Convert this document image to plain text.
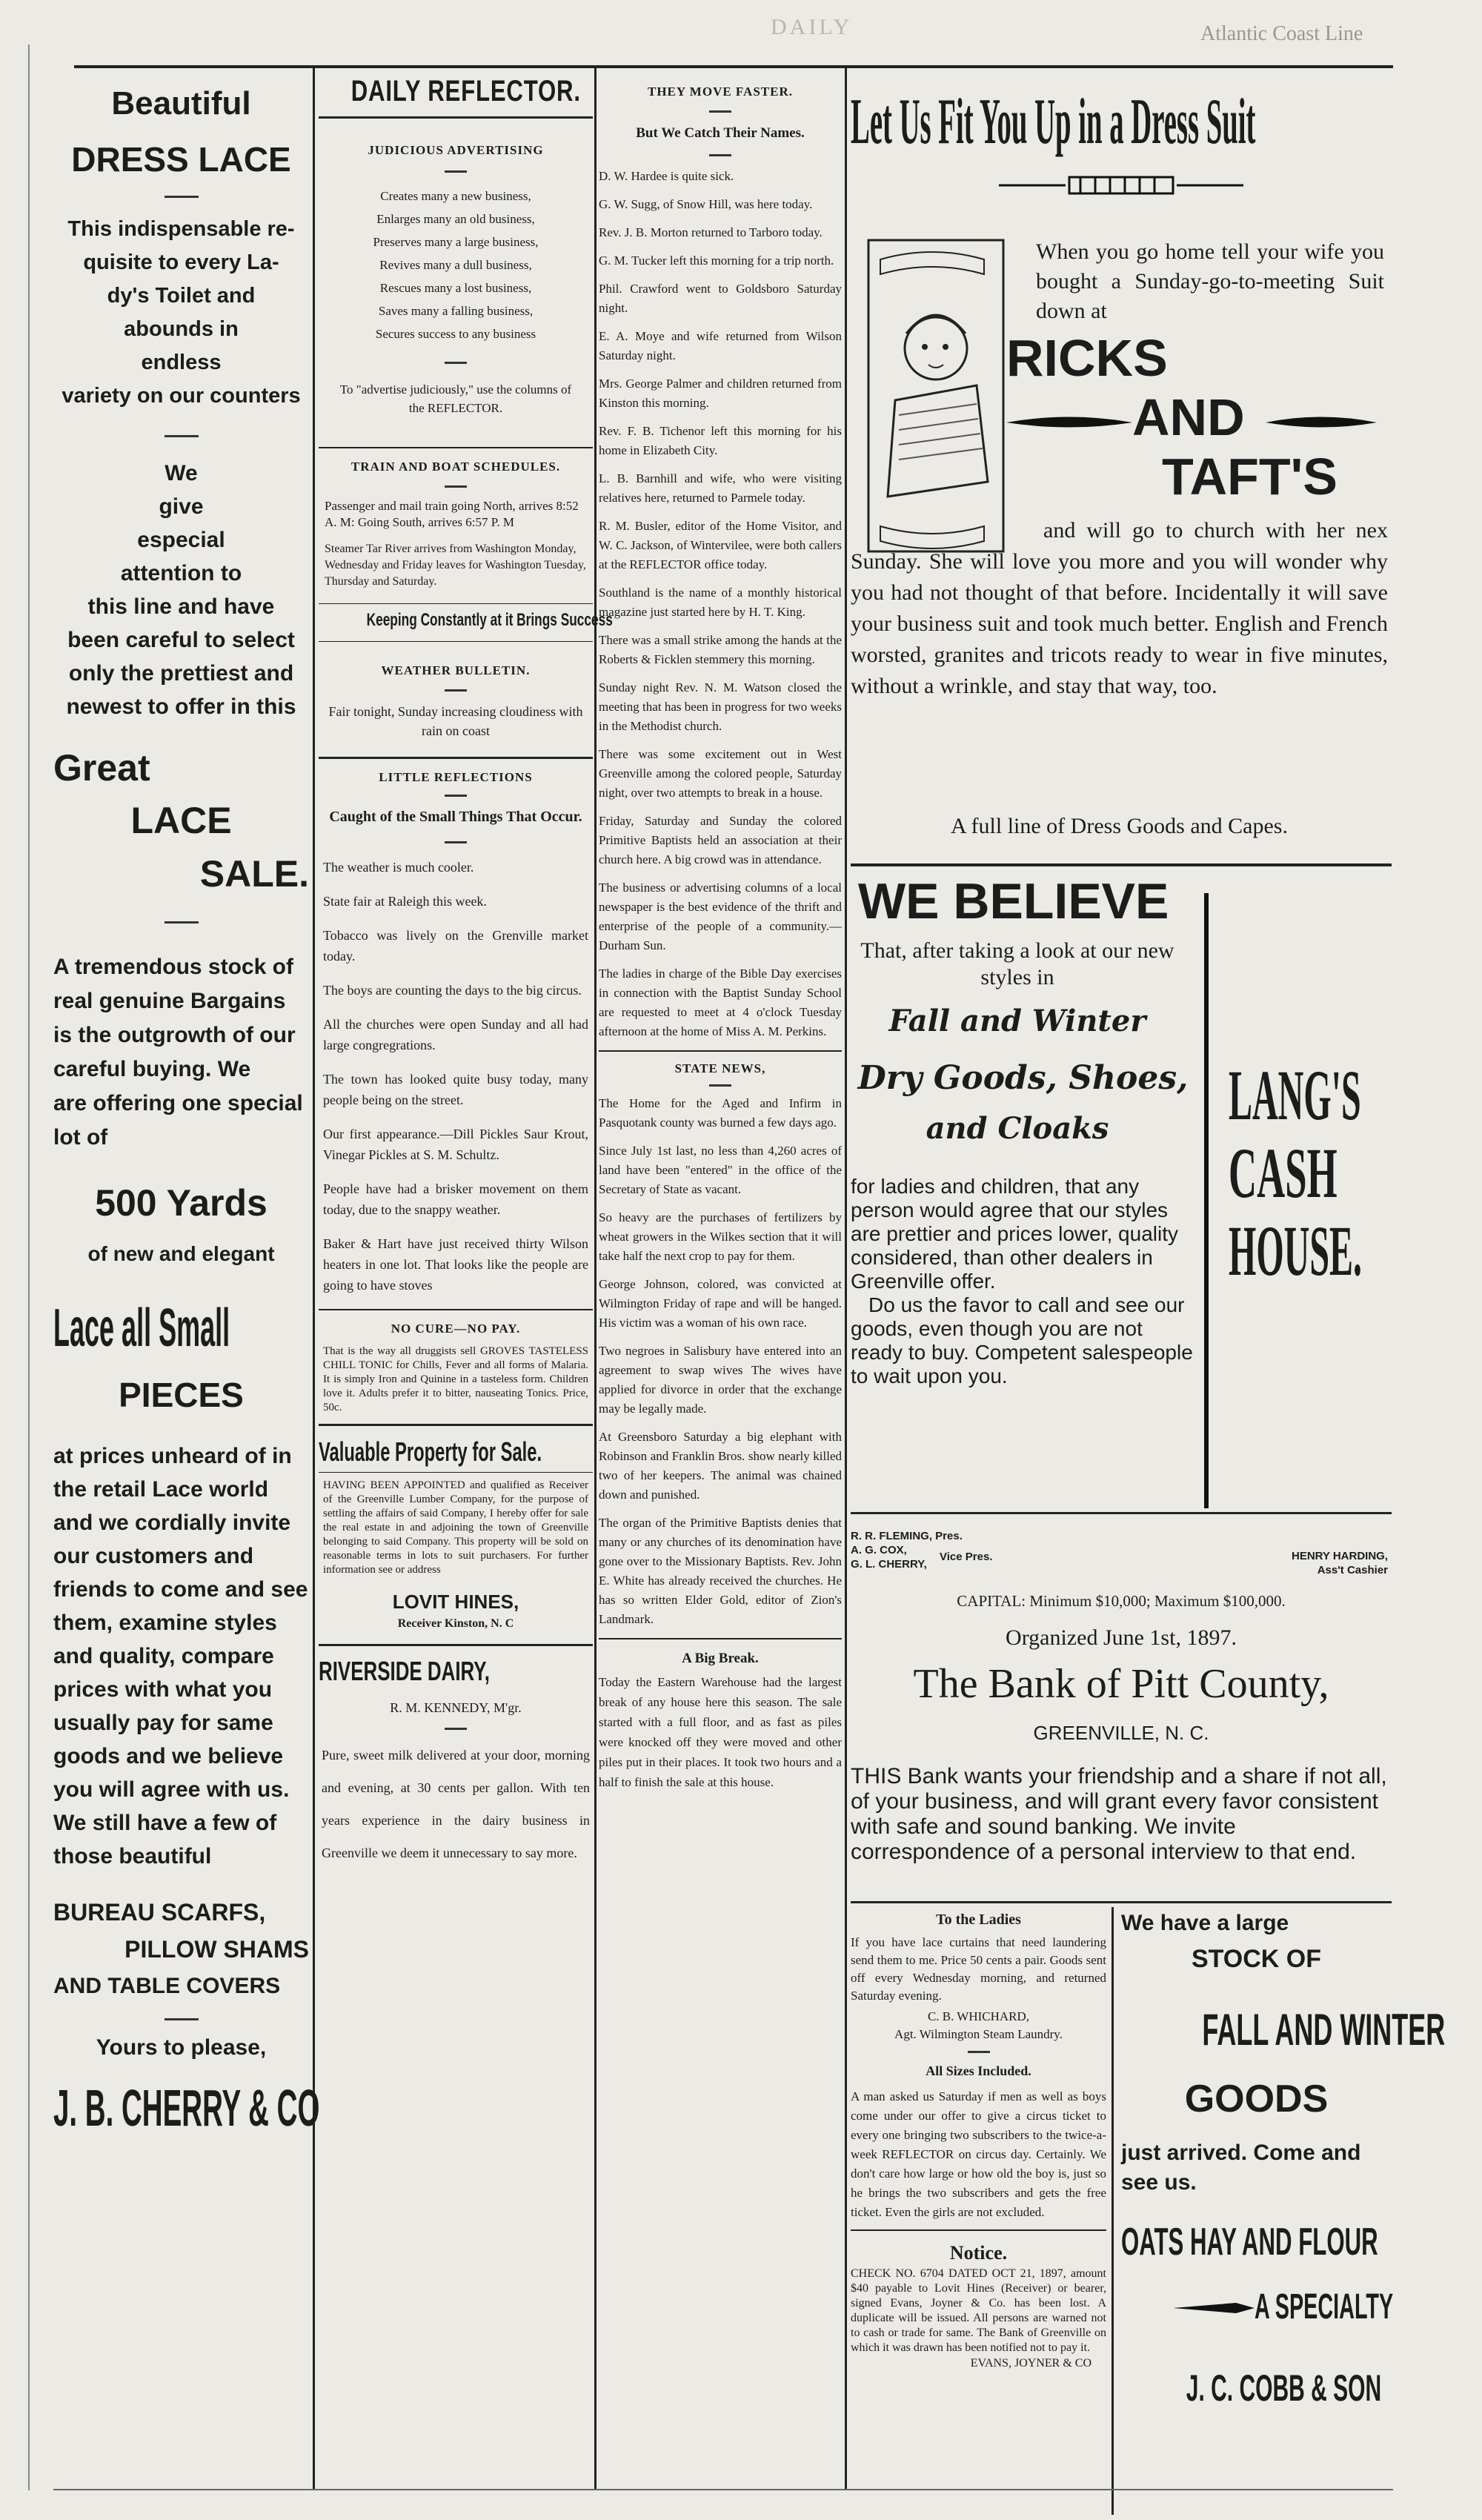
DAILY	Atlantic Coast Line
Beautiful
DRESS LACE

This indispensable re-

quisite to every La-

dy's Toilet and

abounds in

endless

variety on our counters

We

give

especial

attention to

this line and have

been careful to select

only the prettiest and

newest to offer in this

Great
LACE
SALE.

A tremendous stock of

real genuine Bargains

is the outgrowth of our

careful buying. We

are offering one special

lot of

500 Yards
of new and elegant
Lace all Small
PIECES

at prices unheard of in

the retail Lace world

and we cordially invite

our customers and

friends to come and see

them, examine styles

and quality, compare

prices with what you

usually pay for same

goods and we believe

you will agree with us.

We still have a few of

those beautiful

BUREAU SCARFS,
PILLOW SHAMS
AND TABLE COVERS
Yours to please,
J. B. CHERRY & CO
DAILY REFLECTOR.
JUDICIOUS ADVERTISING

Creates many a new business,

Enlarges many an old business,

Preserves many a large business,

Revives many a dull business,

Rescues many a lost business,

Saves many a falling business,

Secures success to any business

To "advertise judiciously," use the columns of the REFLECTOR.
TRAIN AND BOAT SCHEDULES.
Passenger and mail train going North, arrives 8:52 A. M: Going South, arrives 6:57 P. M
Steamer Tar River arrives from Washington Monday, Wednesday and Friday leaves for Washington Tuesday, Thursday and Saturday.
Keeping Constantly at it Brings Success
WEATHER BULLETIN.
Fair tonight, Sunday increasing cloudiness with rain on coast
LITTLE REFLECTIONS
Caught of the Small Things That Occur.

The weather is much cooler.

State fair at Raleigh this week.

Tobacco was lively on the Grenville market today.

The boys are counting the days to the big circus.

All the churches were open Sunday and all had large congregrations.

The town has looked quite busy today, many people being on the street.

Our first appearance.—Dill Pickles Saur Krout, Vinegar Pickles at S. M. Schultz.

People have had a brisker movement on them today, due to the snappy weather.

Baker & Hart have just received thirty Wilson heaters in one lot. That looks like the people are going to have stoves

NO CURE—NO PAY.
That is the way all druggists sell GROVES TASTELESS CHILL TONIC for Chills, Fever and all forms of Malaria. It is simply Iron and Quinine in a tasteless form. Children love it. Adults prefer it to bitter, nauseating Tonics. Price, 50c.
Valuable Property for Sale.
HAVING BEEN APPOINTED and qualified as Receiver of the Greenville Lumber Company, for the purpose of settling the affairs of said Company, I hereby offer for sale the real estate in and adjoining the town of Greenville belonging to said Company. This property will be sold on reasonable terms in lots to suit purchasers. For further information see or address
LOVIT HINES,
Receiver Kinston, N. C
RIVERSIDE DAIRY,
R. M. KENNEDY, M'gr.
Pure, sweet milk delivered at your door, morning and evening, at 30 cents per gallon. With ten years experience in the dairy business in Greenville we deem it unnecessary to say more.
THEY MOVE FASTER.
But We Catch Their Names.

D. W. Hardee is quite sick.

G. W. Sugg, of Snow Hill, was here today.

Rev. J. B. Morton returned to Tarboro today.

G. M. Tucker left this morning for a trip north.

Phil. Crawford went to Goldsboro Saturday night.

E. A. Moye and wife returned from Wilson Saturday night.

Mrs. George Palmer and children returned from Kinston this morning.

Rev. F. B. Tichenor left this morning for his home in Elizabeth City.

L. B. Barnhill and wife, who were visiting relatives here, returned to Parmele today.

R. M. Busler, editor of the Home Visitor, and W. C. Jackson, of Wintervilee, were both callers at the REFLECTOR office today.

Southland is the name of a monthly historical magazine just started here by H. T. King.

There was a small strike among the hands at the Roberts & Ficklen stemmery this morning.

Sunday night Rev. N. M. Watson closed the meeting that has been in progress for two weeks in the Methodist church.

There was some excitement out in West Greenville among the colored people, Saturday night, over two attempts to break in a house.

Friday, Saturday and Sunday the colored Primitive Baptists held an association at their church here. A big crowd was in attendance.

The business or advertising columns of a local newspaper is the best evidence of the thrift and enterprise of the people of a community.—Durham Sun.

The ladies in charge of the Bible Day exercises in connection with the Baptist Sunday School are requested to meet at 4 o'clock Tuesday afternoon at the home of Miss A. M. Perkins.

STATE NEWS,

The Home for the Aged and Infirm in Pasquotank county was burned a few days ago.

Since July 1st last, no less than 4,260 acres of land have been "entered" in the office of the Secretary of State as vacant.

So heavy are the purchases of fertilizers by wheat growers in the Wilkes section that it will take half the next crop to pay for them.

George Johnson, colored, was convicted at Wilmington Friday of rape and will be hanged. His victim was a woman of his own race.

Two negroes in Salisbury have entered into an agreement to swap wives The wives have applied for divorce in order that the exchange may be legally made.

At Greensboro Saturday a big elephant with Robinson and Franklin Bros. show nearly killed two of her keepers. The animal was chained down and punished.

The organ of the Primitive Baptists denies that many or any churches of its denomination have gone over to the Missionary Baptists. Rev. John E. White has already received the churches. He has so written Elder Gold, editor of Zion's Landmark.

A Big Break.
Today the Eastern Warehouse had the largest break of any house here this season. The sale started with a full floor, and as fast as piles were knocked off they were moved and other piles put in their places. It took two hours and a half to finish the sale at this house.
Let Us Fit You Up in a Dress Suit
When you go home tell your wife you bought a Sunday-go-to-meeting Suit down at
RICKS
AND
TAFT'S
and will go to church with her nex Sunday. She will love you more and you will wonder why you had not thought of that before. Incidentally it will save your business suit and took much better. English and French worsted, granites and tricots ready to wear in five minutes, without a wrinkle, and stay that way, too.
A full line of Dress Goods and Capes.
WE BELIEVE
That, after taking a look at our new styles in
Fall and Winter
Dry Goods, Shoes,
and Cloaks
for ladies and children, that any person would agree that our styles are prettier and prices lower, quality considered, than other dealers in Greenville offer.
Do us the favor to call and see our goods, even though you are not ready to buy. Competent salespeople to wait upon you.
LANG'S
CASH
HOUSE.

R. R. FLEMING, Pres.

A. G. COX,

G. L. CHERRY,

Vice Pres.	HENRY HARDING,

Ass't Cashier

CAPITAL: Minimum $10,000; Maximum $100,000.
Organized June 1st, 1897.
The Bank of Pitt County,
GREENVILLE, N. C.
THIS Bank wants your friendship and a share if not all, of your business, and will grant every favor consistent with safe and sound banking. We invite correspondence of a personal interview to that end.
To the Ladies
If you have lace curtains that need laundering send them to me. Price 50 cents a pair. Goods sent off every Wednesday morning, and returned Saturday evening.
C. B. WHICHARD,
Agt. Wilmington Steam Laundry.
All Sizes Included.
A man asked us Saturday if men as well as boys come under our offer to give a circus ticket to every one bringing two subscribers to the twice-a-week REFLECTOR on circus day. Certainly. We don't care how large or how old the boy is, just so he brings the two subscribers and gets the free ticket. Even the girls are not excluded.
Notice.
CHECK NO. 6704 DATED OCT 21, 1897, amount $40 payable to Lovit Hines (Receiver) or bearer, signed Evans, Joyner & Co. has been lost. A duplicate will be issued. All persons are warned not to cash or trade for same. The Bank of Greenville on which it was drawn has been notified not to pay it.
EVANS, JOYNER & CO
We have a large
STOCK OF
FALL AND WINTER
GOODS
just arrived. Come and
see us.
OATS HAY AND FLOUR
A SPECIALTY
J. C. COBB & SON
